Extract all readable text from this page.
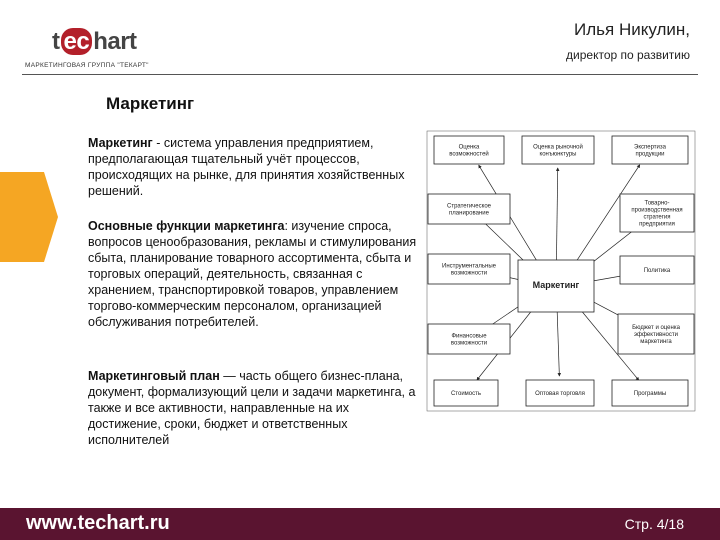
t ec hart
МАРКЕТИНГОВАЯ ГРУППА "ТЕКАРТ"
Илья Никулин,
директор по развитию
Маркетинг
Маркетинг - система управления предприятием, предполагающая тщательный учёт процессов, происходящих на рынке, для принятия хозяйственных решений.
Основные функции маркетинга: изучение спроса, вопросов ценообразования, рекламы и стимулирования сбыта, планирование товарного ассортимента, сбыта и торговых операций, деятельность, связанная с хранением, транспортировкой товаров, управлением торгово-коммерческим персоналом, организацией обслуживания потребителей.
Маркетинговый план — часть общего бизнес-плана, документ, формализующий цели и задачи маркетинга, а также и все активности, направленные на их достижение, сроки, бюджет и ответственных исполнителей
Оценка
возможностей
Оценка рыночной
конъюнктуры
Экспертиза
продукции
Стратегическое
планирование
Товарно-
производственная
стратегия
предприятия
Инструментальные
возможности	Политика
Финансовые
возможности
Бюджет и оценка
эффективности
маркетинга
Стоимость	Оптовая торговля	Программы
Маркетинг
www.techart.ru	Стр. 4/18
